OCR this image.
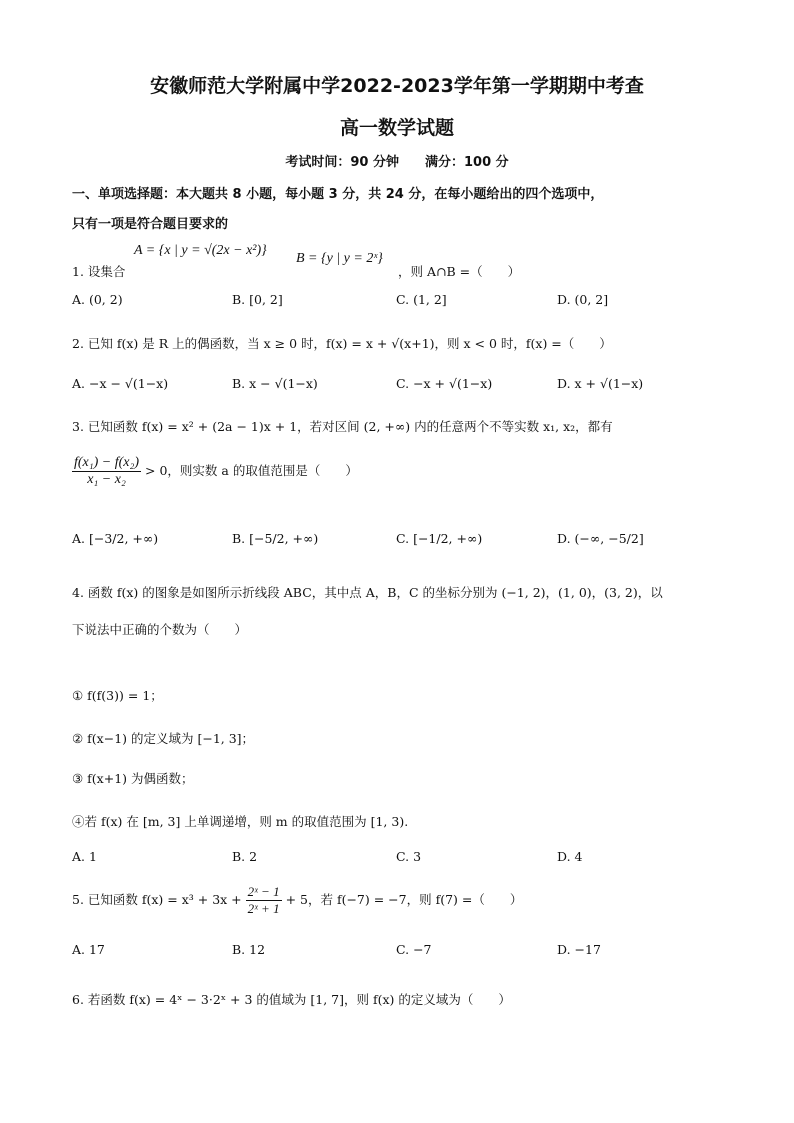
安徽师范大学附属中学2022-2023学年第一学期期中考查
高一数学试题
考试时间：90 分钟　　满分：100 分
一、单项选择题：本大题共 8 小题，每小题 3 分，共 24 分，在每小题给出的四个选项中，
只有一项是符合题目要求的
1. 设集合
A = {x | y = √(2x − x²)}
B = {y | y = 2ˣ}
，则 A∩B =（　　）
A. (0, 2)	B. [0, 2]	C. (1, 2]	D. (0, 2]
2. 已知 f(x) 是 R 上的偶函数，当 x ≥ 0 时，f(x) = x + √(x+1)，则 x < 0 时，f(x) =（　　）
A. −x − √(1−x)	B. x − √(1−x)	C. −x + √(1−x)	D. x + √(1−x)
3. 已知函数 f(x) = x² + (2a − 1)x + 1，若对区间 (2, +∞) 内的任意两个不等实数 x₁, x₂，都有
$\frac{\text{f(x₁) − f(x₂)}}{\text{x₁ − x₂}} > 0$，则实数 a 的取值范围是（　　）
A. [−3/2, +∞)	B. [−5/2, +∞)	C. [−1/2, +∞)	D. (−∞, −5/2]
4. 函数 f(x) 的图象是如图所示折线段 ABC，其中点 A，B，C 的坐标分别为 (−1, 2)，(1, 0)，(3, 2)，以
下说法中正确的个数为（　　）
① f(f(3)) = 1；
② f(x−1) 的定义域为 [−1, 3]；
③ f(x+1) 为偶函数；
④若 f(x) 在 [m, 3] 上单调递增，则 m 的取值范围为 [1, 3).
A. 1	B. 2	C. 3	D. 4
5. 已知函数 $f(x) = x^3 + 3x + \frac{\text{2ˣ − 1}}{\text{2ˣ + 1}} + 5$，若 f(−7) = −7，则 f(7) =（　　）
A. 17	B. 12	C. −7	D. −17
6. 若函数 f(x) = 4ˣ − 3·2ˣ + 3 的值域为 [1, 7]，则 f(x) 的定义域为（　　）
